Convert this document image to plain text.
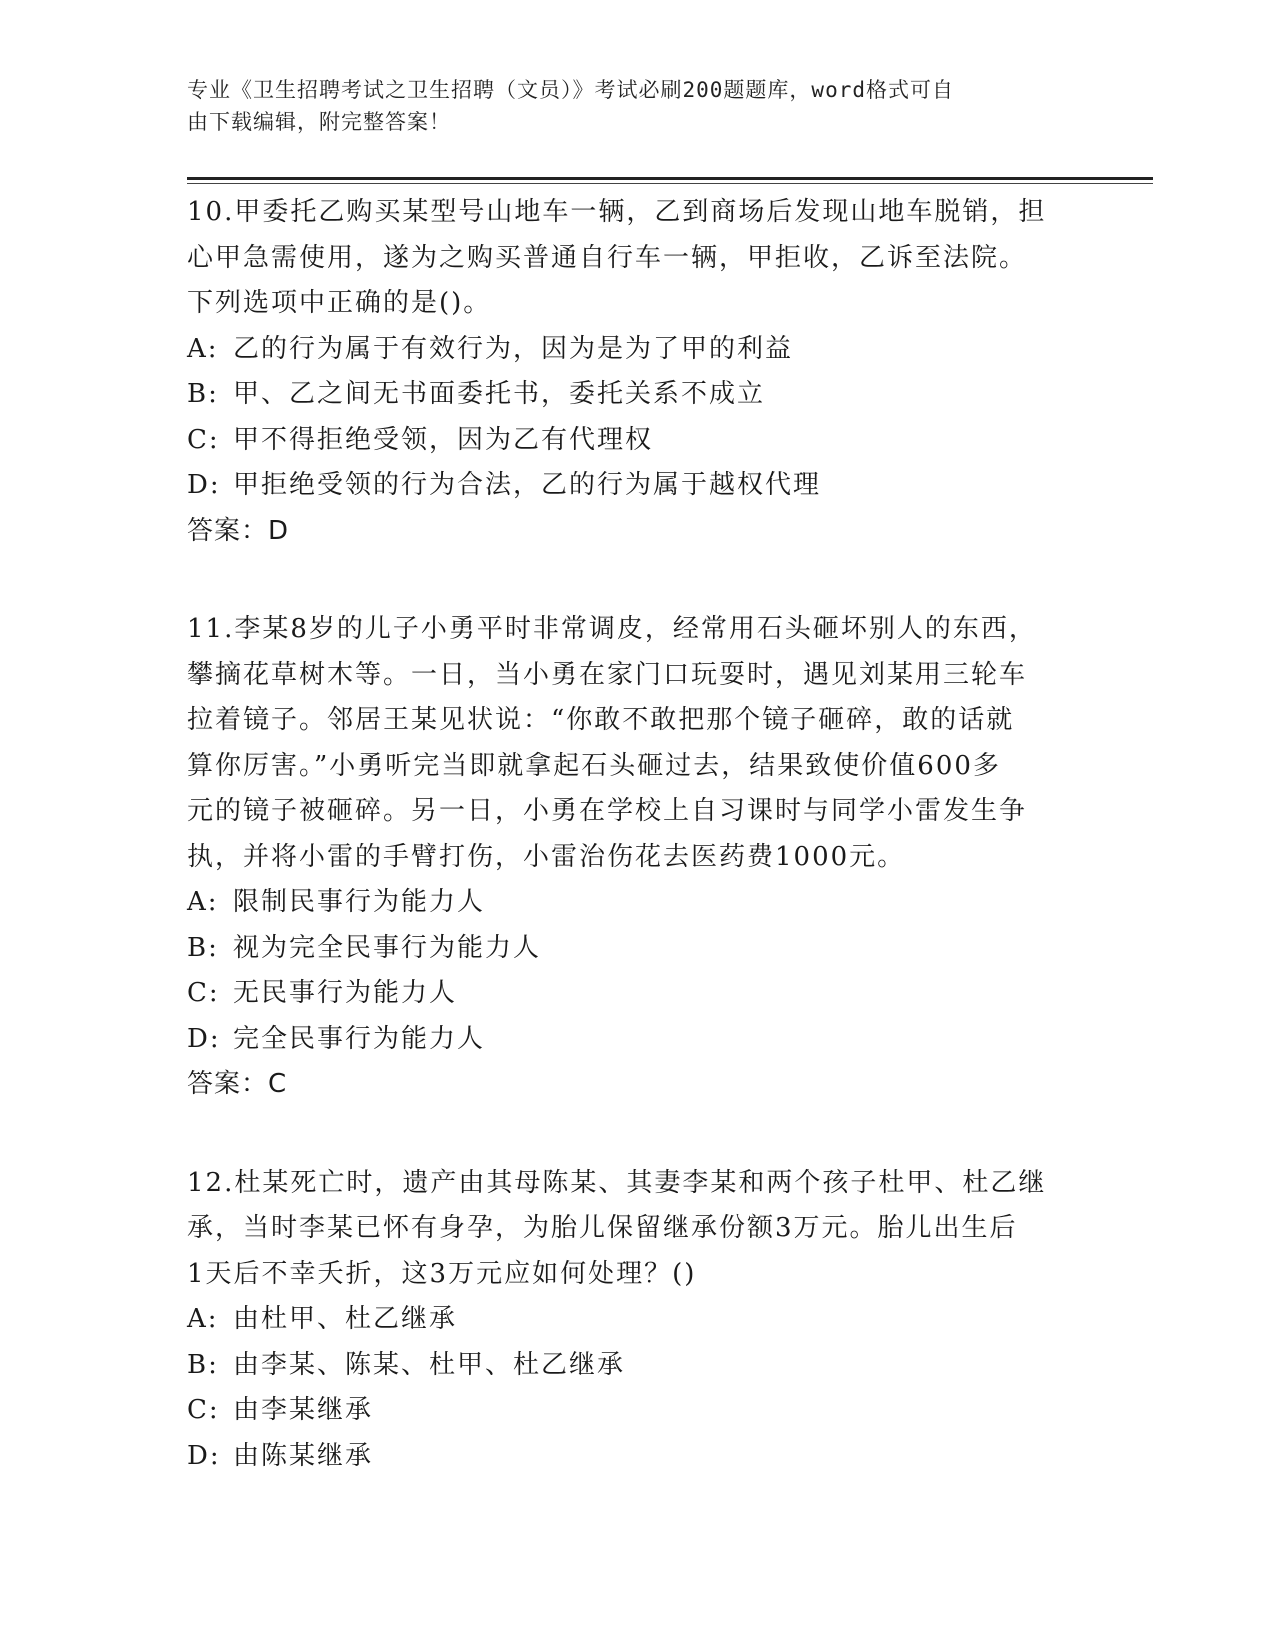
专业《卫生招聘考试之卫生招聘（文员）》考试必刷200题题库，word格式可自
由下载编辑，附完整答案！

10.甲委托乙购买某型号山地车一辆，乙到商场后发现山地车脱销，担

心甲急需使用，遂为之购买普通自行车一辆，甲拒收，乙诉至法院。

下列选项中正确的是()。

A: 乙的行为属于有效行为，因为是为了甲的利益

B: 甲、乙之间无书面委托书，委托关系不成立

C: 甲不得拒绝受领，因为乙有代理权

D: 甲拒绝受领的行为合法，乙的行为属于越权代理

答案：D

11.李某8岁的儿子小勇平时非常调皮，经常用石头砸坏别人的东西，

攀摘花草树木等。一日，当小勇在家门口玩耍时，遇见刘某用三轮车

拉着镜子。邻居王某见状说：“你敢不敢把那个镜子砸碎，敢的话就

算你厉害。”小勇听完当即就拿起石头砸过去，结果致使价值600多

元的镜子被砸碎。另一日，小勇在学校上自习课时与同学小雷发生争

执，并将小雷的手臂打伤，小雷治伤花去医药费1000元。

A: 限制民事行为能力人

B: 视为完全民事行为能力人

C: 无民事行为能力人

D: 完全民事行为能力人

答案：C

12.杜某死亡时，遗产由其母陈某、其妻李某和两个孩子杜甲、杜乙继

承，当时李某已怀有身孕，为胎儿保留继承份额3万元。胎儿出生后

1天后不幸夭折，这3万元应如何处理？()

A: 由杜甲、杜乙继承

B: 由李某、陈某、杜甲、杜乙继承

C: 由李某继承

D: 由陈某继承
